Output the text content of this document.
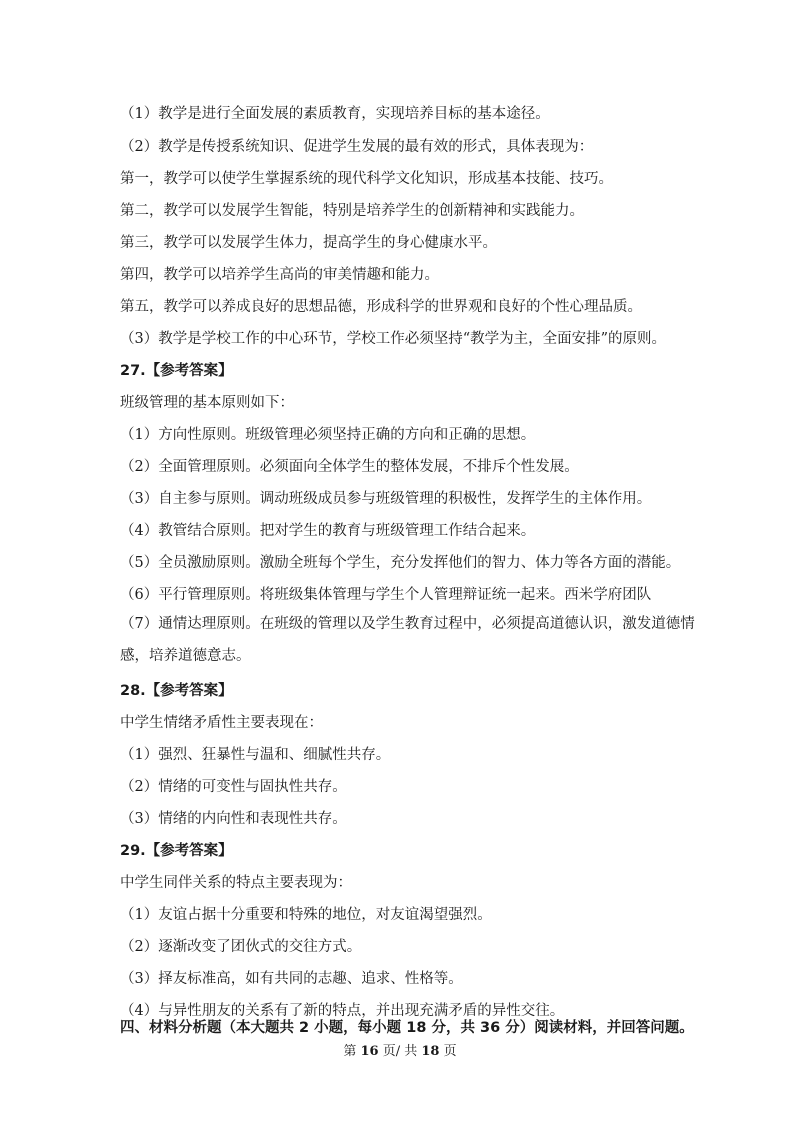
（1）教学是进行全面发展的素质教育，实现培养目标的基本途径。
（2）教学是传授系统知识、促进学生发展的最有效的形式，具体表现为：
第一，教学可以使学生掌握系统的现代科学文化知识，形成基本技能、技巧。
第二，教学可以发展学生智能，特别是培养学生的创新精神和实践能力。
第三，教学可以发展学生体力，提高学生的身心健康水平。
第四，教学可以培养学生高尚的审美情趣和能力。
第五，教学可以养成良好的思想品德，形成科学的世界观和良好的个性心理品质。
（3）教学是学校工作的中心环节，学校工作必须坚持“教学为主，全面安排”的原则。
27.【参考答案】
班级管理的基本原则如下：
（1）方向性原则。班级管理必须坚持正确的方向和正确的思想。
（2）全面管理原则。必须面向全体学生的整体发展，不排斥个性发展。
（3）自主参与原则。调动班级成员参与班级管理的积极性，发挥学生的主体作用。
（4）教管结合原则。把对学生的教育与班级管理工作结合起来。
（5）全员激励原则。激励全班每个学生，充分发挥他们的智力、体力等各方面的潜能。
（6）平行管理原则。将班级集体管理与学生个人管理辩证统一起来。西米学府团队
（7）通情达理原则。在班级的管理以及学生教育过程中，必须提高道德认识，激发道德情感，培养道德意志。
28.【参考答案】
中学生情绪矛盾性主要表现在：
（1）强烈、狂暴性与温和、细腻性共存。
（2）情绪的可变性与固执性共存。
（3）情绪的内向性和表现性共存。
29.【参考答案】
中学生同伴关系的特点主要表现为：
（1）友谊占据十分重要和特殊的地位，对友谊渴望强烈。
（2）逐渐改变了团伙式的交往方式。
（3）择友标准高，如有共同的志趣、追求、性格等。
（4）与异性朋友的关系有了新的特点，并出现充满矛盾的异性交往。
四、材料分析题（本大题共 2 小题，每小题 18 分，共 36 分）阅读材料，并回答问题。
第 16 页/ 共 18 页
